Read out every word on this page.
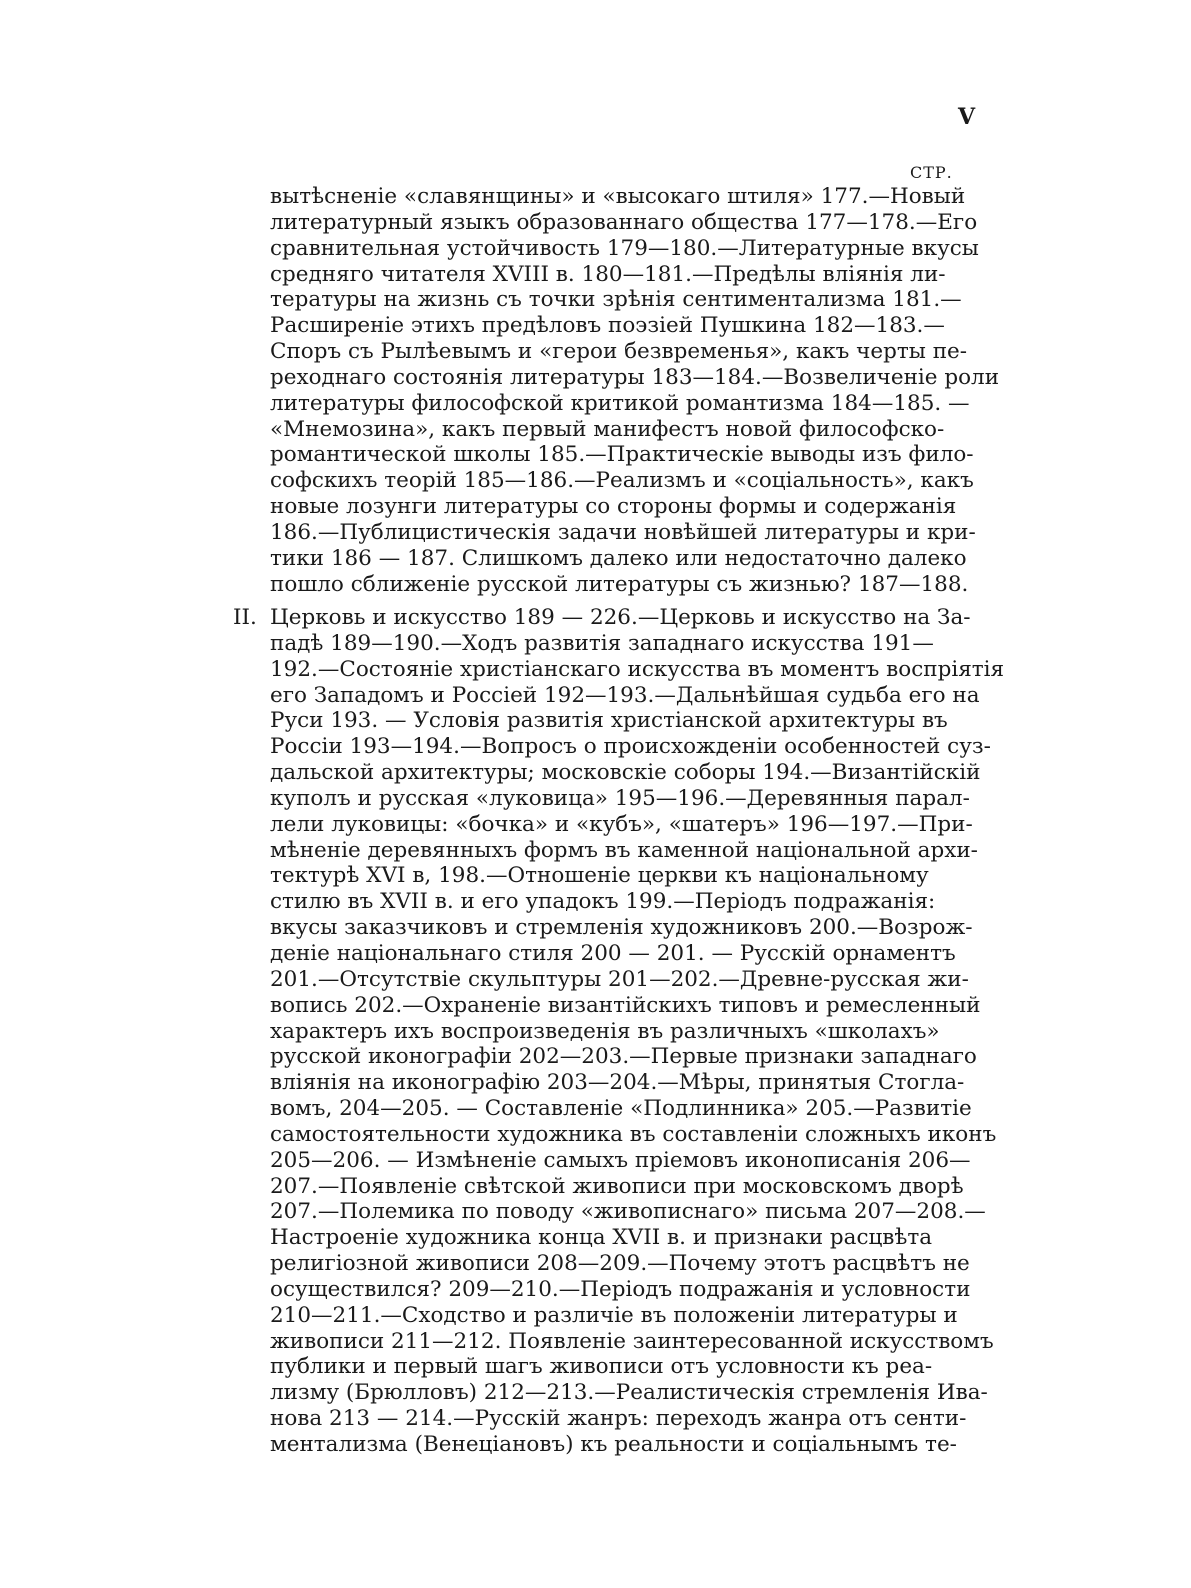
V
СТР.
вытѣсненіе «славянщины» и «высокаго штиля» 177.—Новый
литературный языкъ образованнаго общества 177—178.—Его
сравнительная устойчивость 179—180.—Литературные вкусы
средняго читателя XVIII в. 180—181.—Предѣлы вліянія ли-
тературы на жизнь съ точки зрѣнія сентиментализма 181.—
Расширеніе этихъ предѣловъ поэзіей Пушкина 182—183.—
Споръ съ Рылѣевымъ и «герои безвременья», какъ черты пе-
реходнаго состоянія литературы 183—184.—Возвеличеніе роли
литературы философской критикой романтизма 184—185. —
«Мнемозина», какъ первый манифестъ новой философско-
романтической школы 185.—Практическіе выводы изъ фило-
софскихъ теорій 185—186.—Реализмъ и «соціальность», какъ
новые лозунги литературы со стороны формы и содержанія
186.—Публицистическія задачи новѣйшей литературы и кри-
тики 186 — 187. Слишкомъ далеко или недостаточно далеко
пошло сближеніе русской литературы съ жизнью? 187—188.
II. Церковь и искусство 189 — 226.—Церковь и искусство на За-
падѣ 189—190.—Ходъ развитія западнаго искусства 191—
192.—Состояніе христіанскаго искусства въ моментъ воспріятія
его Западомъ и Россіей 192—193.—Дальнѣйшая судьба его на
Руси 193. — Условія развитія христіанской архитектуры въ
Россіи 193—194.—Вопросъ о происхожденіи особенностей суз-
дальской архитектуры; московскіе соборы 194.—Византійскій
куполъ и русская «луковица» 195—196.—Деревянныя парал-
лели луковицы: «бочка» и «кубъ», «шатеръ» 196—197.—При-
мѣненіе деревянныхъ формъ въ каменной національной архи-
тектурѣ XVI в, 198.—Отношеніе церкви къ національному
стилю въ XVII в. и его упадокъ 199.—Періодъ подражанія:
вкусы заказчиковъ и стремленія художниковъ 200.—Возрож-
деніе національнаго стиля 200 — 201. — Русскій орнаментъ
201.—Отсутствіе скульптуры 201—202.—Древне-русская жи-
вопись 202.—Охраненіе византійскихъ типовъ и ремесленный
характеръ ихъ воспроизведенія въ различныхъ «школахъ»
русской иконографіи 202—203.—Первые признаки западнаго
вліянія на иконографію 203—204.—Мѣры, принятыя Стогла-
вомъ, 204—205. — Составленіе «Подлинника» 205.—Развитіе
самостоятельности художника въ составленіи сложныхъ иконъ
205—206. — Измѣненіе самыхъ пріемовъ иконописанія 206—
207.—Появленіе свѣтской живописи при московскомъ дворѣ
207.—Полемика по поводу «живописнаго» письма 207—208.—
Настроеніе художника конца XVII в. и признаки расцвѣта
религіозной живописи 208—209.—Почему этотъ расцвѣтъ не
осуществился? 209—210.—Періодъ подражанія и условности
210—211.—Сходство и различіе въ положеніи литературы и
живописи 211—212. Появленіе заинтересованной искусствомъ
публики и первый шагъ живописи отъ условности къ реа-
лизму (Брюлловъ) 212—213.—Реалистическія стремленія Ива-
нова 213 — 214.—Русскій жанръ: переходъ жанра отъ сенти-
ментализма (Венеціановъ) къ реальности и соціальнымъ те-
